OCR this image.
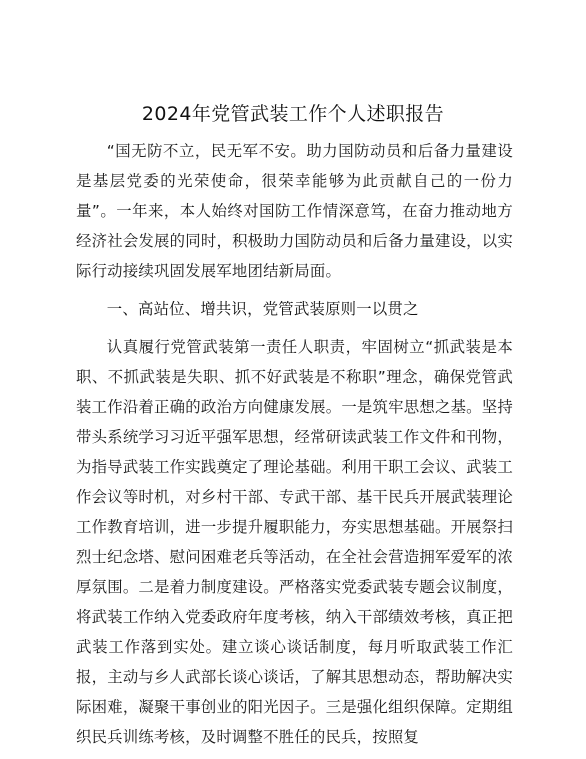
2024年党管武装工作个人述职报告

“国无防不立，民无军不安。助力国防动员和后备力量建设是基层党委的光荣使命，很荣幸能够为此贡献自己的一份力量”。一年来，本人始终对国防工作情深意笃，在奋力推动地方经济社会发展的同时，积极助力国防动员和后备力量建设，以实际行动接续巩固发展军地团结新局面。

一、高站位、增共识，党管武装原则一以贯之

认真履行党管武装第一责任人职责，牢固树立“抓武装是本职、不抓武装是失职、抓不好武装是不称职”理念，确保党管武装工作沿着正确的政治方向健康发展。一是筑牢思想之基。坚持带头系统学习习近平强军思想，经常研读武装工作文件和刊物，为指导武装工作实践奠定了理论基础。利用干职工会议、武装工作会议等时机，对乡村干部、专武干部、基干民兵开展武装理论工作教育培训，进一步提升履职能力，夯实思想基础。开展祭扫烈士纪念塔、慰问困难老兵等活动，在全社会营造拥军爱军的浓厚氛围。二是着力制度建设。严格落实党委武装专题会议制度，将武装工作纳入党委政府年度考核，纳入干部绩效考核，真正把武装工作落到实处。建立谈心谈话制度，每月听取武装工作汇报，主动与乡人武部长谈心谈话，了解其思想动态，帮助解决实际困难，凝聚干事创业的阳光因子。三是强化组织保障。定期组织民兵训练考核，及时调整不胜任的民兵，按照复
